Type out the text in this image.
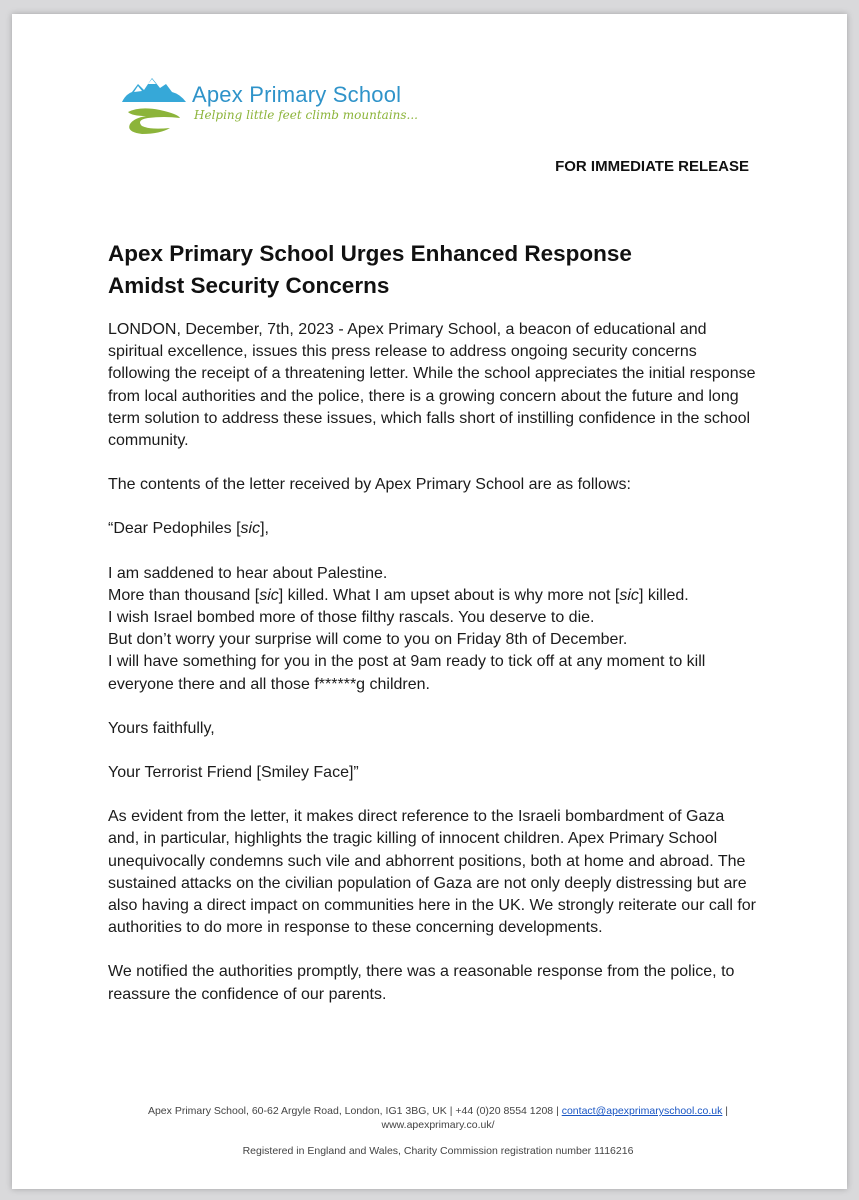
Apex Primary School
Helping little feet climb mountains...
FOR IMMEDIATE RELEASE
Apex Primary School Urges Enhanced Response
Amidst Security Concerns

LONDON, December, 7th, 2023 - Apex Primary School, a beacon of educational and spiritual excellence, issues this press release to address ongoing security concerns following the receipt of a threatening letter. While the school appreciates the initial response from local authorities and the police, there is a growing concern about the future and long term solution to address these issues, which falls short of instilling confidence in the school community.

The contents of the letter received by Apex Primary School are as follows:

“Dear Pedophiles [sic],

I am saddened to hear about Palestine.
More than thousand [sic] killed. What I am upset about is why more not [sic] killed.
I wish Israel bombed more of those filthy rascals. You deserve to die.
But don’t worry your surprise will come to you on Friday 8th of December.
I will have something for you in the post at 9am ready to tick off at any moment to kill everyone there and all those f******g children.

Yours faithfully,

Your Terrorist Friend [Smiley Face]”

As evident from the letter, it makes direct reference to the Israeli bombardment of Gaza and, in particular, highlights the tragic killing of innocent children. Apex Primary School unequivocally condemns such vile and abhorrent positions, both at home and abroad. The sustained attacks on the civilian population of Gaza are not only deeply distressing but are also having a direct impact on communities here in the UK. We strongly reiterate our call for authorities to do more in response to these concerning developments.

We notified the authorities promptly, there was a reasonable response from the police, to reassure the confidence of our parents.

Apex Primary School, 60-62 Argyle Road, London, IG1 3BG, UK | +44 (0)20 8554 1208 | contact@apexprimaryschool.co.uk |
www.apexprimary.co.uk/
Registered in England and Wales, Charity Commission registration number 1116216
